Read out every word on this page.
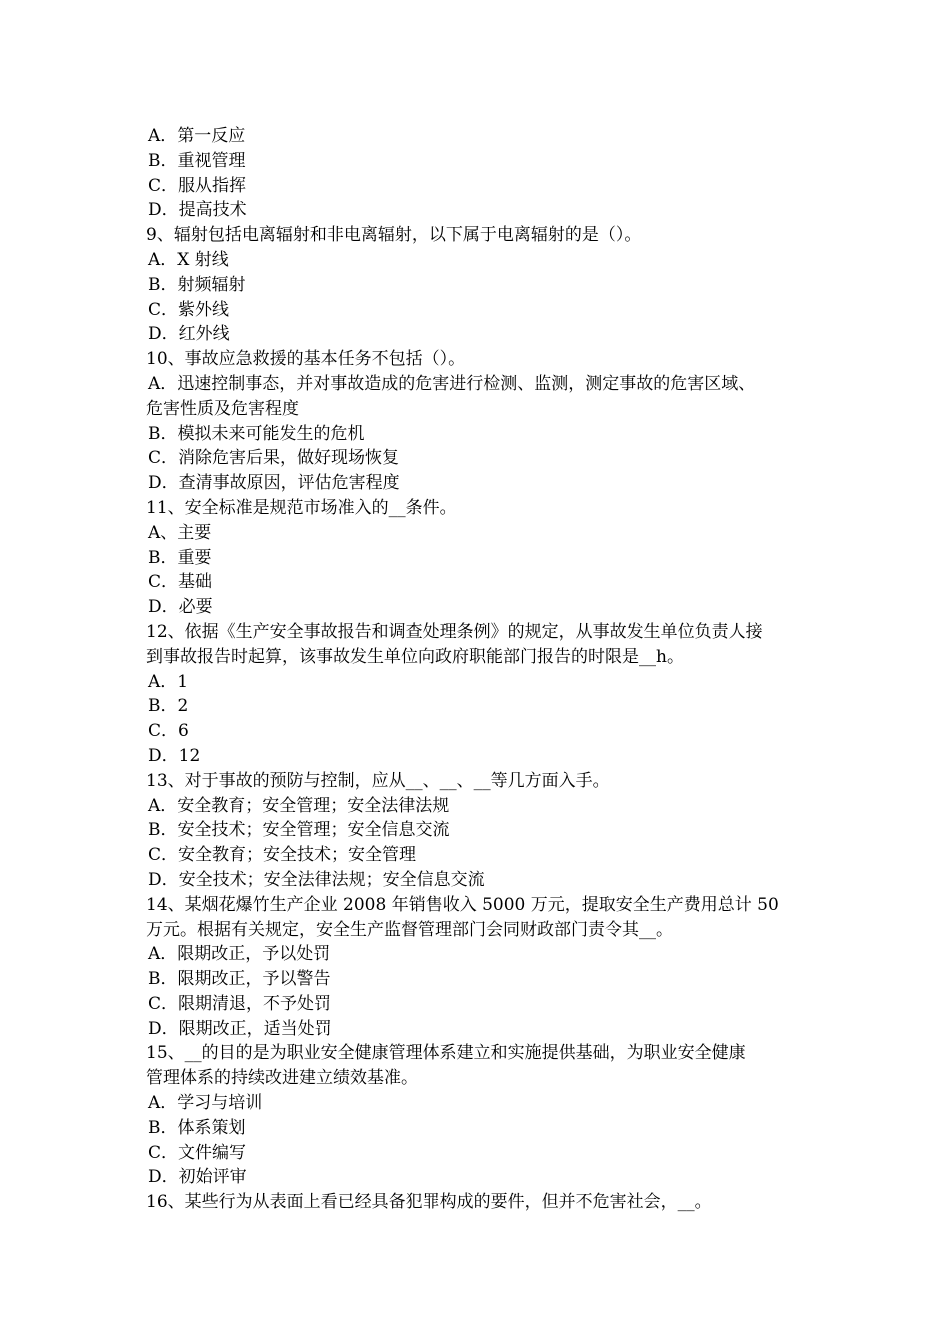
A．第一反应
B．重视管理
C．服从指挥
D．提高技术
9、辐射包括电离辐射和非电离辐射，以下属于电离辐射的是（）。
A．X 射线
B．射频辐射
C．紫外线
D．红外线
10、事故应急救援的基本任务不包括（）。
A．迅速控制事态，并对事故造成的危害进行检测、监测，测定事故的危害区域、
危害性质及危害程度
B．模拟未来可能发生的危机
C．消除危害后果，做好现场恢复
D．查清事故原因，评估危害程度
11、安全标准是规范市场准入的__条件。
A、主要
B．重要
C．基础
D．必要
12、依据《生产安全事故报告和调查处理条例》的规定，从事故发生单位负责人接
到事故报告时起算，该事故发生单位向政府职能部门报告的时限是__h。
A．1
B．2
C．6
D．12
13、对于事故的预防与控制，应从__、__、__等几方面入手。
A．安全教育；安全管理；安全法律法规
B．安全技术；安全管理；安全信息交流
C．安全教育；安全技术；安全管理
D．安全技术；安全法律法规；安全信息交流
14、某烟花爆竹生产企业 2008 年销售收入 5000 万元，提取安全生产费用总计 50
万元。根据有关规定，安全生产监督管理部门会同财政部门责令其__。
A．限期改正，予以处罚
B．限期改正，予以警告
C．限期清退，不予处罚
D．限期改正，适当处罚
15、__的目的是为职业安全健康管理体系建立和实施提供基础，为职业安全健康
管理体系的持续改进建立绩效基准。
A．学习与培训
B．体系策划
C．文件编写
D．初始评审
16、某些行为从表面上看已经具备犯罪构成的要件，但并不危害社会，__。
